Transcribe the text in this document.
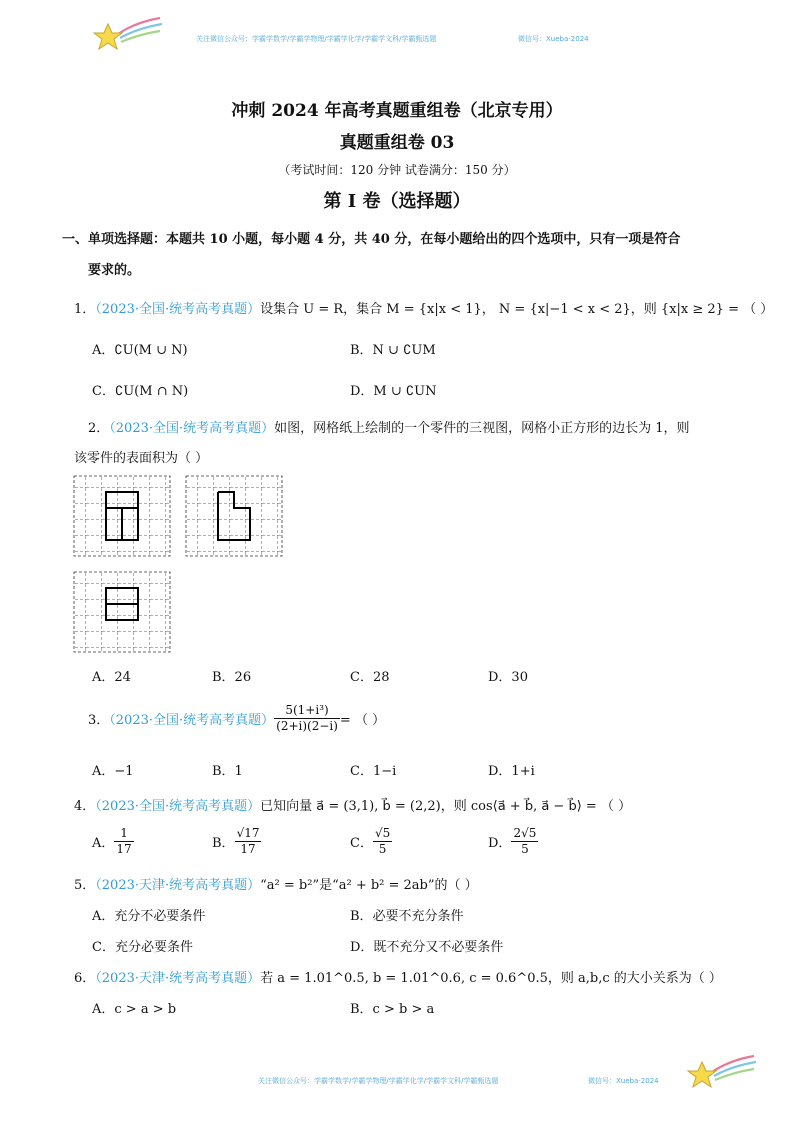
关注微信公众号：学霸学数学/学霸学物理/学霸学化学/学霸学文科/学霸甄选题	微信号：Xueba-2024
冲刺 2024 年高考真题重组卷（北京专用）
真题重组卷 03
（考试时间：120 分钟 试卷满分：150 分）
第 I 卷（选择题）
一、单项选择题：本题共 10 小题，每小题 4 分，共 40 分，在每小题给出的四个选项中，只有一项是符合
要求的。
1．（2023·全国·统考高考真题）设集合 U = R，集合 M = {x|x < 1}， N = {x|−1 < x < 2}，则 {x|x ≥ 2} = （ ）
A．∁U(M ∪ N)	B．N ∪ ∁UM
C．∁U(M ∩ N)	D．M ∪ ∁UN
2．（2023·全国·统考高考真题）如图，网格纸上绘制的一个零件的三视图，网格小正方形的边长为 1，则
该零件的表面积为（ ）
A．24	B．26	C．28	D．30
3．（2023·全国·统考高考真题） $\frac{\text{5(1+i³)}}{(2+i)(2-i)}$ = （ ）
A．−1	B．1	C．1−i	D．1+i
4．（2023·全国·统考高考真题）已知向量 a⃗ = (3,1), b⃗ = (2,2)，则 cos⟨a⃗ + b⃗, a⃗ − b⃗⟩ = （ ）
A． $\frac{1}{17}$	B． $\frac{√17}{17}$	C． $\frac{√5}{5}$	D． $\frac{2√5}{5}$
5．（2023·天津·统考高考真题）“a² = b²”是“a² + b² = 2ab”的（ ）
A．充分不必要条件	B．必要不充分条件
C．充分必要条件	D．既不充分又不必要条件
6．（2023·天津·统考高考真题）若 a = 1.01^0.5, b = 1.01^0.6, c = 0.6^0.5，则 a,b,c 的大小关系为（ ）
A．c > a > b	B．c > b > a
关注微信公众号：学霸学数学/学霸学物理/学霸学化学/学霸学文科/学霸甄选题	微信号：Xueba-2024
